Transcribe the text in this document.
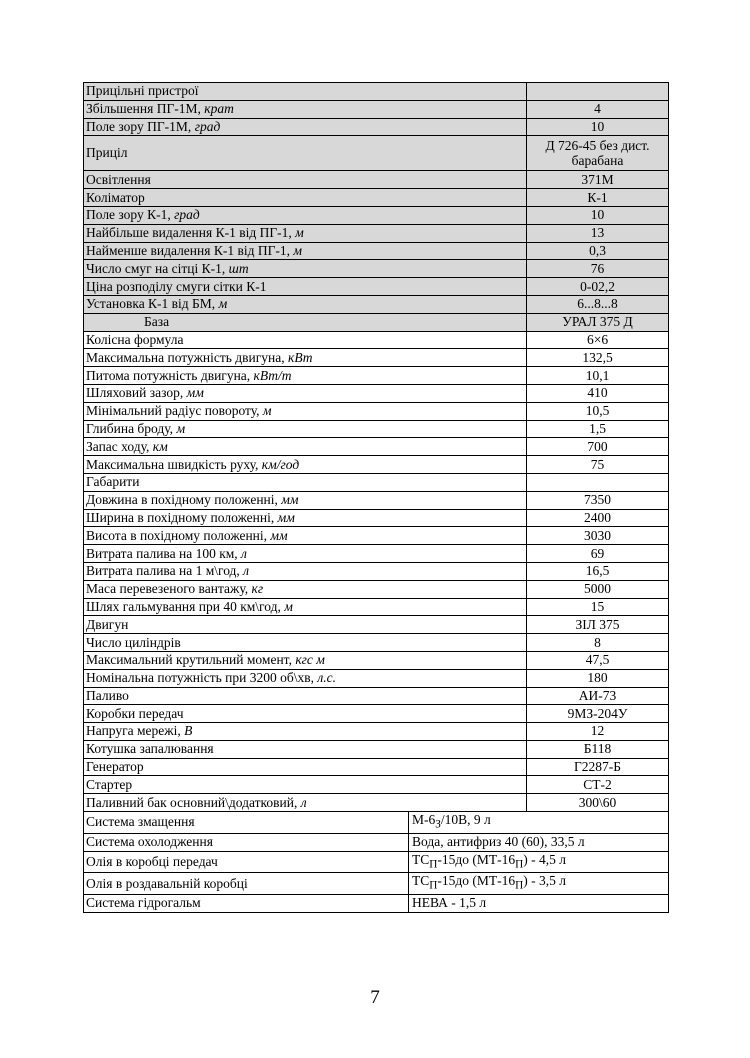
Прицільні пристрої		
Збільшення ПГ-1М, крат		4
Поле зору ПГ-1М, град		10
Приціл		Д 726-45 без дист. барабана
Освітлення		371М
Коліматор		К-1
Поле зору К-1, град		10
Найбільше видалення К-1 від ПГ-1, м		13
Найменше видалення К-1 від ПГ-1, м		0,3
Число смуг на сітці К-1, шт		76
Ціна розподілу смуги сітки К-1		0-02,2
Установка К-1 від БМ, м		6...8...8
База		УРАЛ 375 Д
Колісна формула		6×6
Максимальна потужність двигуна, кВт		132,5
Питома потужність двигуна, кВт/т		10,1
Шляховий зазор, мм		410
Мінімальний радіус повороту, м		10,5
Глибина броду, м		1,5
Запас ходу, км		700
Максимальна швидкість руху, км/год		75
Габарити		
Довжина в похідному положенні, мм		7350
Ширина в похідному положенні, мм		2400
Висота в похідному положенні, мм		3030
Витрата палива на 100 км, л		69
Витрата палива на 1 м\год, л		16,5
Маса перевезеного вантажу, кг		5000
Шлях гальмування при 40 км\год, м		15
Двигун		ЗІЛ 375
Число циліндрів		8
Максимальний крутильний момент, кгс м		47,5
Номінальна потужність при 3200 об\хв, л.с.		180
Паливо		АИ-73
Коробки передач		9МЗ-204У
Напруга мережі, В		12
Котушка запалювання		Б118
Генератор		Г2287-Б
Стартер		СТ-2
Паливний бак основний\додатковий, л		300\60
Система змащення	$М-6_З/10В$, 9 л	
Система охолодження	Вода, антифриз 40 (60), 33,5 л	
Олія в коробці передач	$ТС_П-15до$ $(МТ-16_П) - 4,5$ л	
Олія в роздавальній коробці	$ТС_П-15до$ $(МТ-16_П) - 3,5$ л	
Система гідрогальм	НЕВА - 1,5 л	
7
